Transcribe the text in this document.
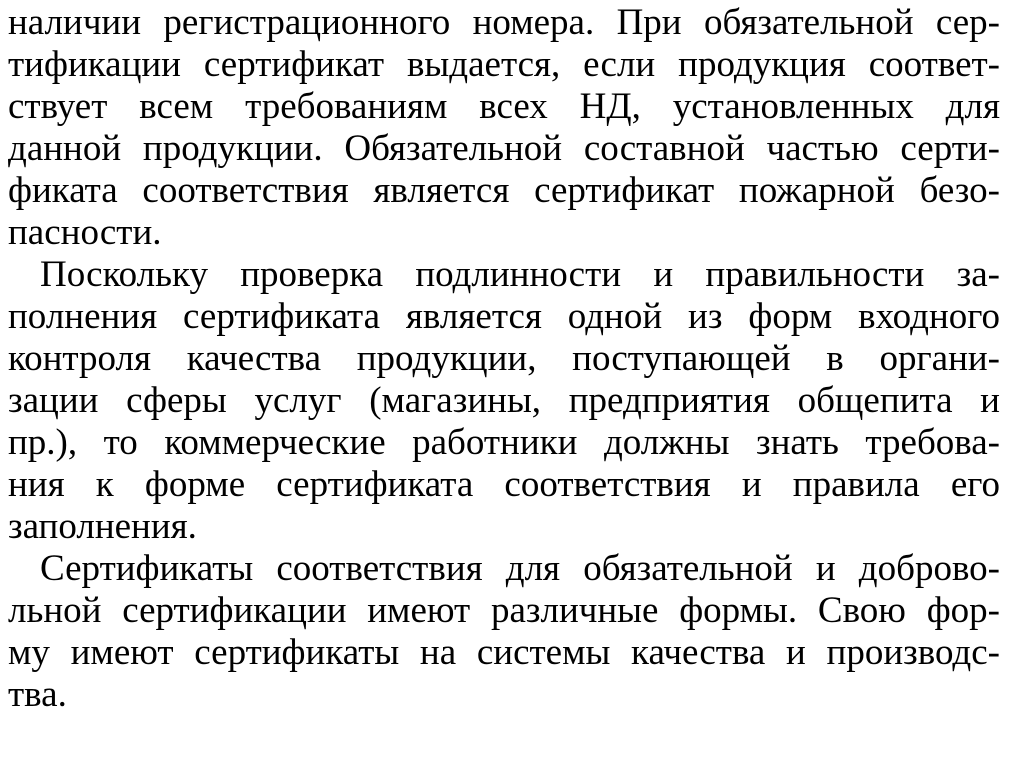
наличии регистрационного номера. При обязательной сер-
тификации сертификат выдается, если продукция соответ-
ствует всем требованиям всех НД, установленных для
данной продукции. Обязательной составной частью серти-
фиката соответствия является сертификат пожарной безо-
пасности.
Поскольку проверка подлинности и правильности за-
полнения сертификата является одной из форм входного
контроля качества продукции, поступающей в органи-
зации сферы услуг (магазины, предприятия общепита и
пр.), то коммерческие работники должны знать требова-
ния к форме сертификата соответствия и правила его
заполнения.
Сертификаты соответствия для обязательной и доброво-
льной сертификации имеют различные формы. Свою фор-
му имеют сертификаты на системы качества и производс-
тва.
